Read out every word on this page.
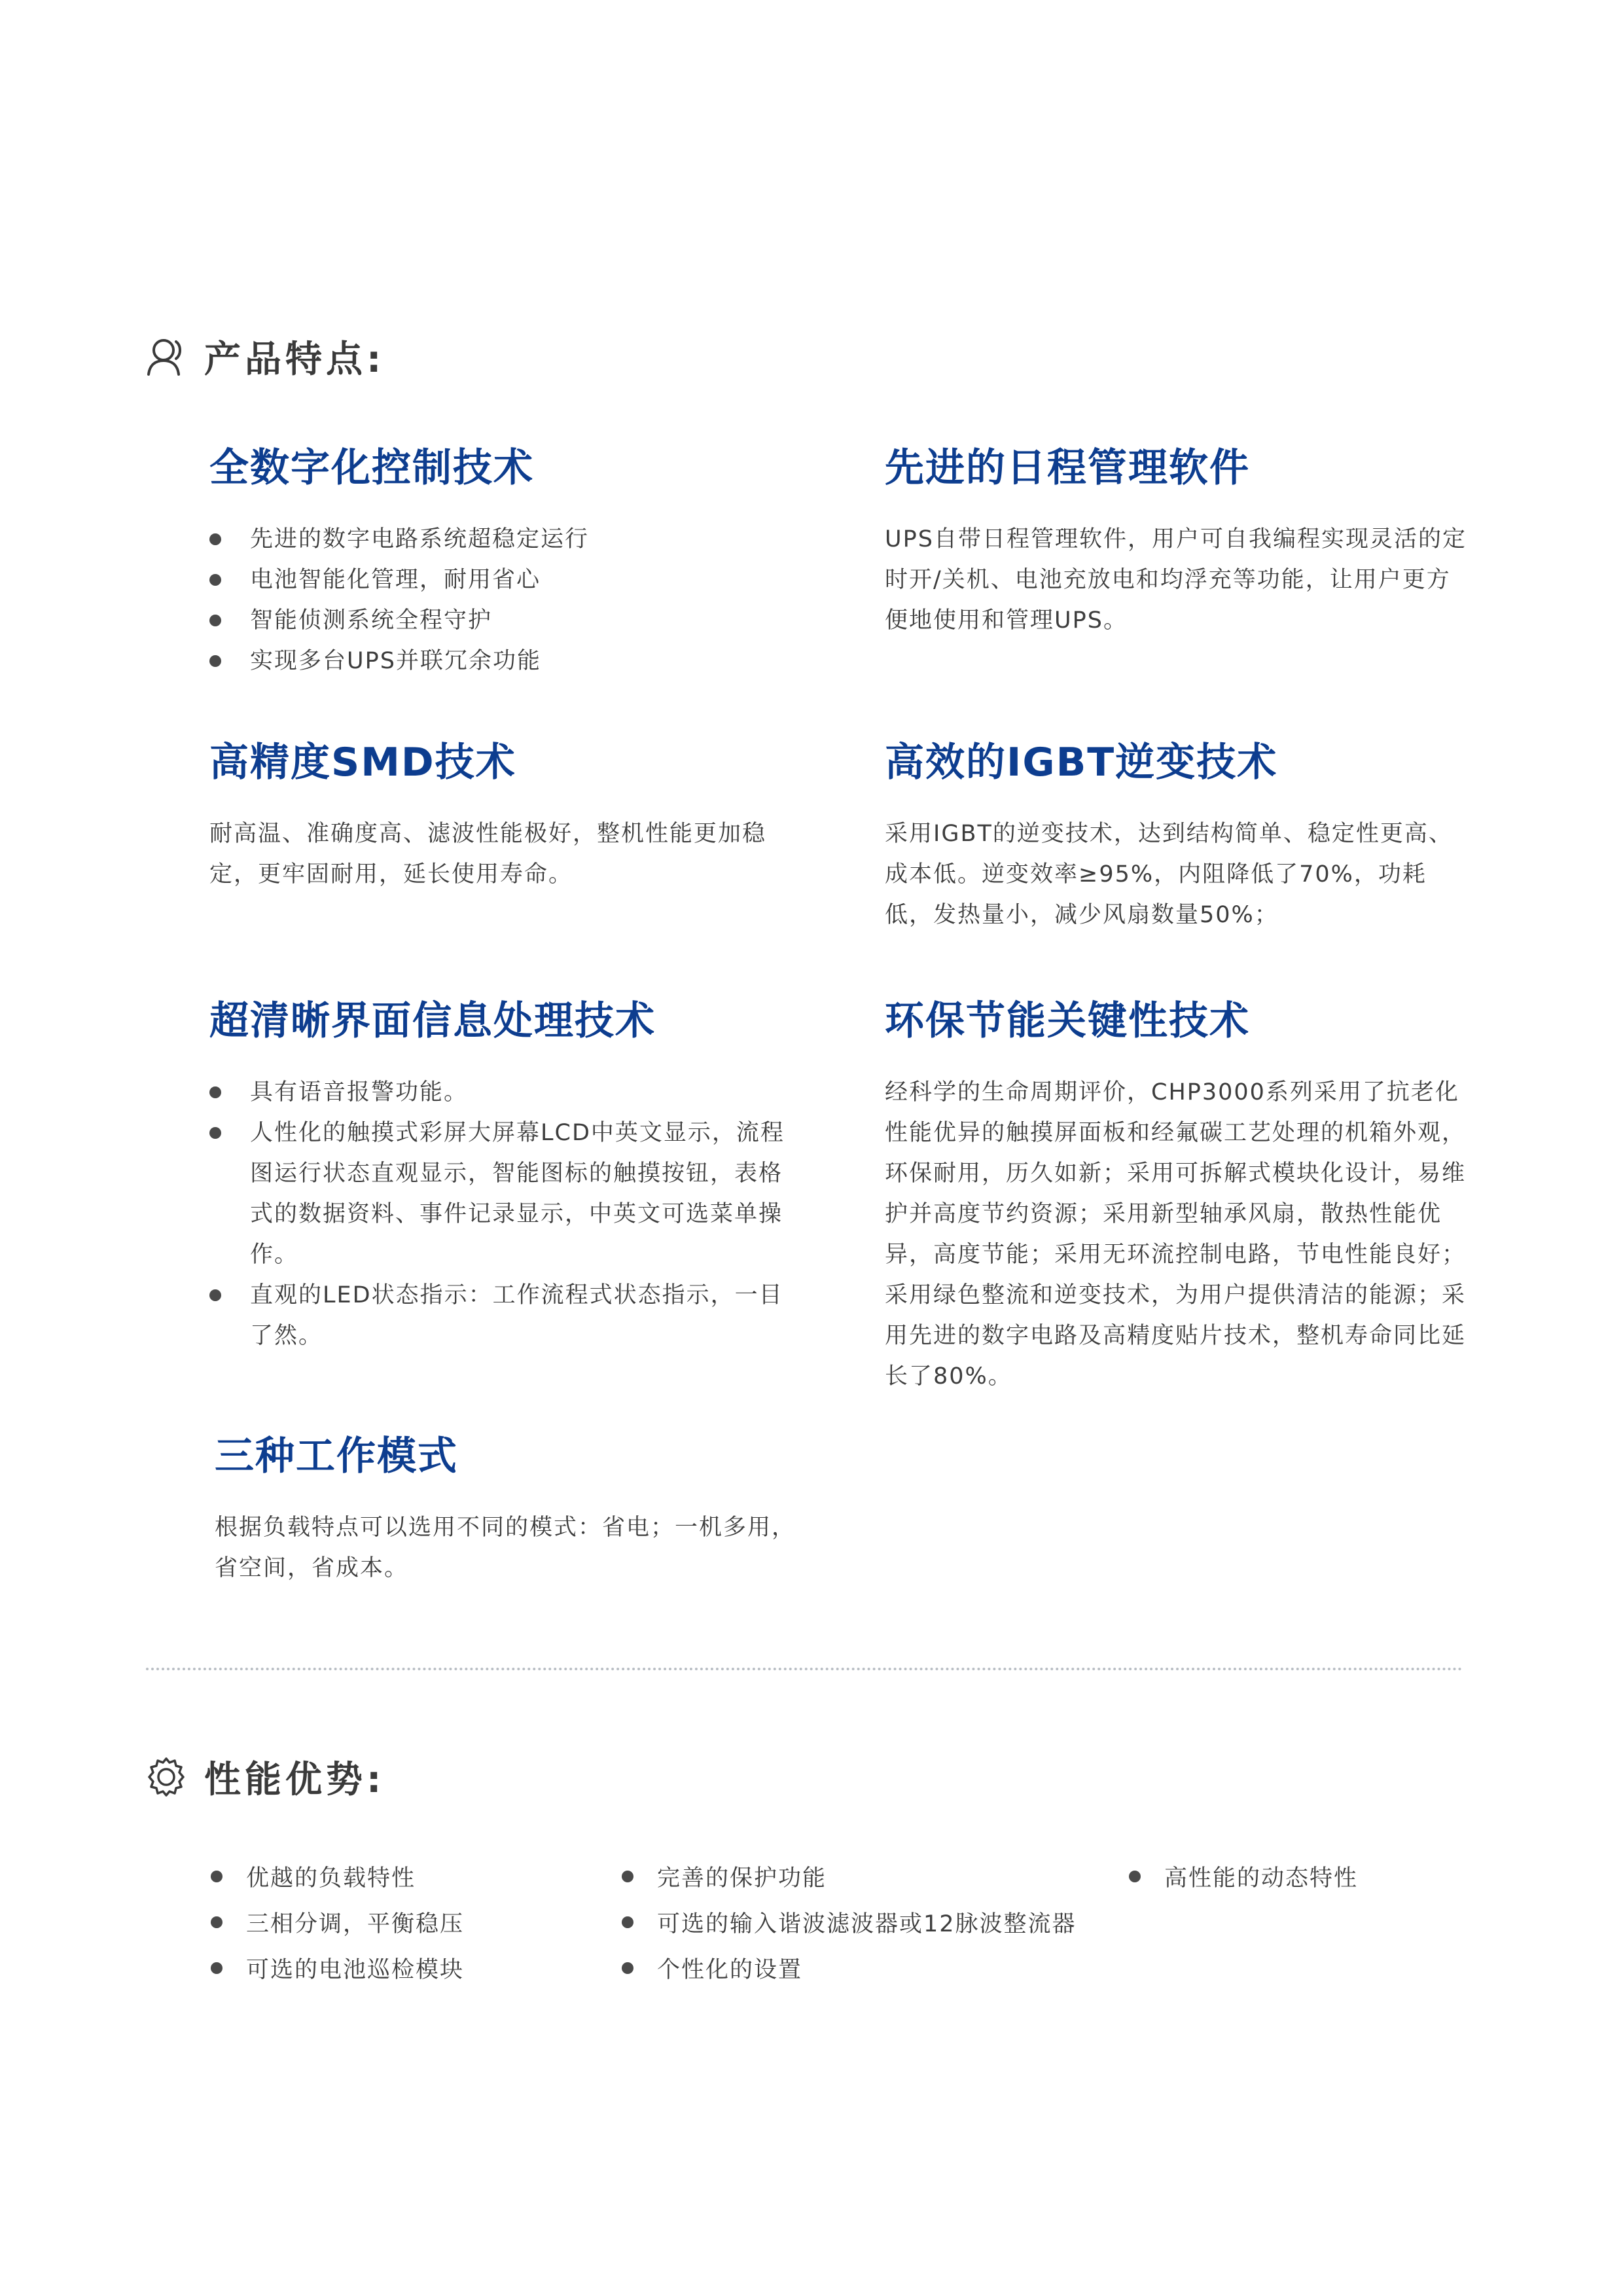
产品特点:
全数字化控制技术
先进的数字电路系统超稳定运行
电池智能化管理，耐用省心
智能侦测系统全程守护
实现多台UPS并联冗余功能
先进的日程管理软件

UPS自带日程管理软件，用户可自我编程实现灵活的定时开/关机、电池充放电和均浮充等功能，让用户更方便地使用和管理UPS。

高精度SMD技术

耐高温、准确度高、滤波性能极好，整机性能更加稳定，更牢固耐用，延长使用寿命。

高效的IGBT逆变技术

采用IGBT的逆变技术，达到结构简单、稳定性更高、成本低。逆变效率≥95%，内阻降低了70%，功耗低，发热量小，减少风扇数量50%；

超清晰界面信息处理技术
具有语音报警功能。
人性化的触摸式彩屏大屏幕LCD中英文显示，流程图运行状态直观显示，智能图标的触摸按钮，表格式的数据资料、事件记录显示，中英文可选菜单操作。
直观的LED状态指示：工作流程式状态指示，一目了然。
环保节能关键性技术

经科学的生命周期评价，CHP3000系列采用了抗老化性能优异的触摸屏面板和经氟碳工艺处理的机箱外观，环保耐用，历久如新；采用可拆解式模块化设计，易维护并高度节约资源；采用新型轴承风扇，散热性能优异，高度节能；采用无环流控制电路，节电性能良好；采用绿色整流和逆变技术，为用户提供清洁的能源；采用先进的数字电路及高精度贴片技术，整机寿命同比延长了80%。

三种工作模式

根据负载特点可以选用不同的模式：省电；一机多用，省空间，省成本。

性能优势:
优越的负载特性	完善的保护功能	高性能的动态特性
三相分调，平衡稳压	可选的输入谐波滤波器或12脉波整流器
可选的电池巡检模块	个性化的设置
